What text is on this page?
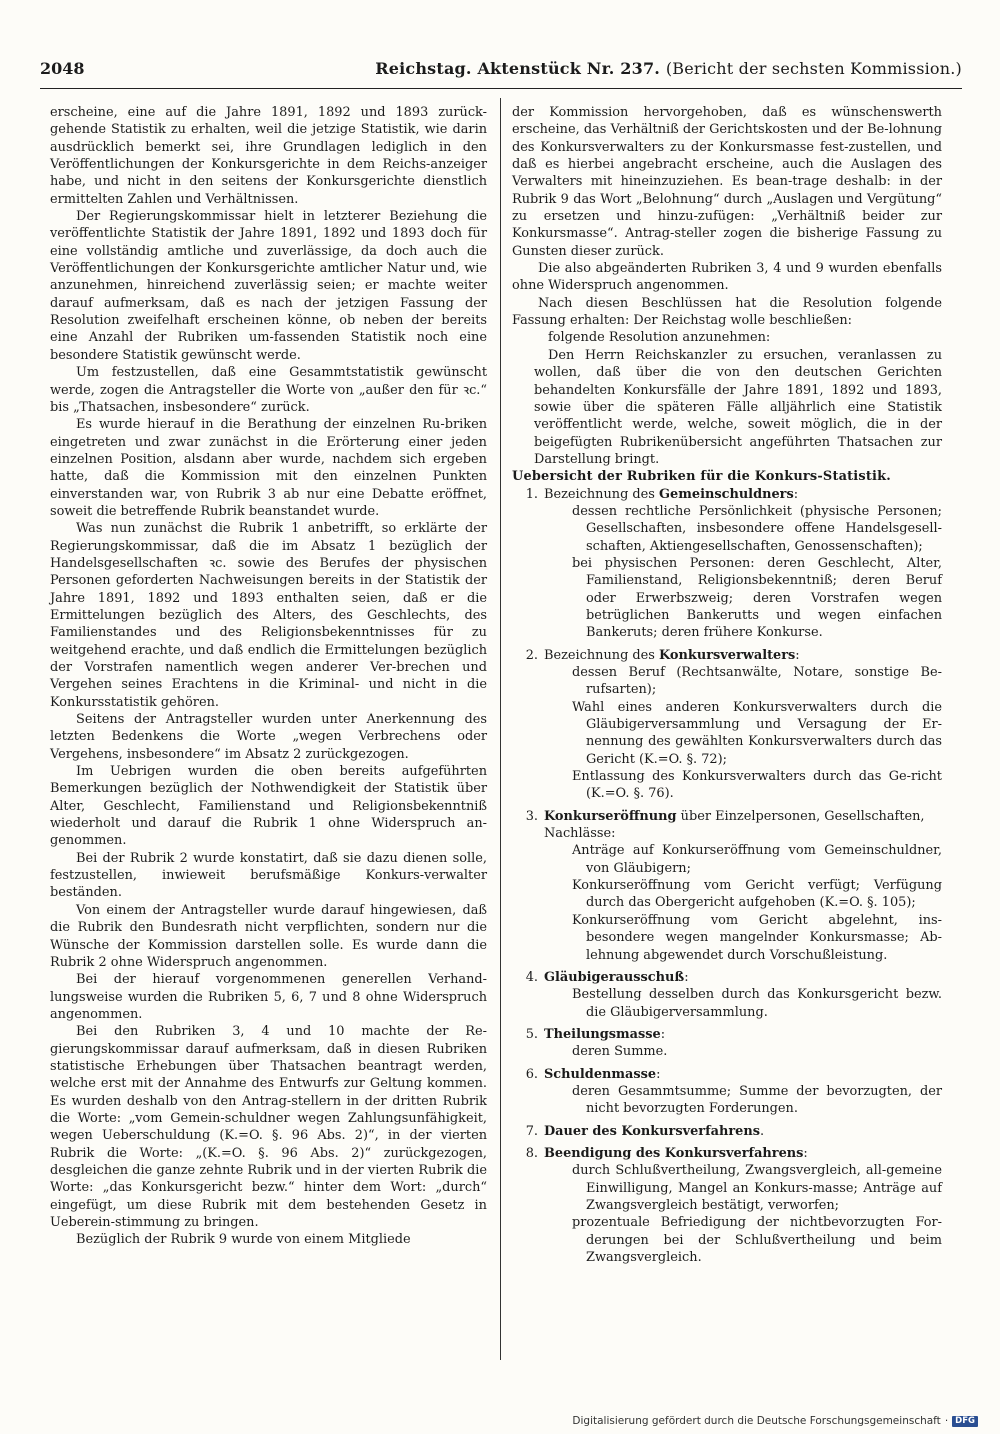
2048	Reichstag. Aktenstück Nr. 237. (Bericht der sechsten Kommission.)

erscheine, eine auf die Jahre 1891, 1892 und 1893 zurück-gehende Statistik zu erhalten, weil die jetzige Statistik, wie darin ausdrücklich bemerkt sei, ihre Grundlagen lediglich in den Veröffentlichungen der Konkursgerichte in dem Reichs-anzeiger habe, und nicht in den seitens der Konkursgerichte dienstlich ermittelten Zahlen und Verhältnissen.

Der Regierungskommissar hielt in letzterer Beziehung die veröffentlichte Statistik der Jahre 1891, 1892 und 1893 doch für eine vollständig amtliche und zuverlässige, da doch auch die Veröffentlichungen der Konkursgerichte amtlicher Natur und, wie anzunehmen, hinreichend zuverlässig seien; er machte weiter darauf aufmerksam, daß es nach der jetzigen Fassung der Resolution zweifelhaft erscheinen könne, ob neben der bereits eine Anzahl der Rubriken um-fassenden Statistik noch eine besondere Statistik gewünscht werde.

Um festzustellen, daß eine Gesammtstatistik gewünscht werde, zogen die Antragsteller die Worte von „außer den für ꝛc.“ bis „Thatsachen, insbesondere“ zurück.

Es wurde hierauf in die Berathung der einzelnen Ru-briken eingetreten und zwar zunächst in die Erörterung einer jeden einzelnen Position, alsdann aber wurde, nachdem sich ergeben hatte, daß die Kommission mit den einzelnen Punkten einverstanden war, von Rubrik 3 ab nur eine Debatte eröffnet, soweit die betreffende Rubrik beanstandet wurde.

Was nun zunächst die Rubrik 1 anbetrifft, so erklärte der Regierungskommissar, daß die im Absatz 1 bezüglich der Handelsgesellschaften ꝛc. sowie des Berufes der physischen Personen geforderten Nachweisungen bereits in der Statistik der Jahre 1891, 1892 und 1893 enthalten seien, daß er die Ermittelungen bezüglich des Alters, des Geschlechts, des Familienstandes und des Religionsbekenntnisses für zu weitgehend erachte, und daß endlich die Ermittelungen bezüglich der Vorstrafen namentlich wegen anderer Ver-brechen und Vergehen seines Erachtens in die Kriminal- und nicht in die Konkursstatistik gehören.

Seitens der Antragsteller wurden unter Anerkennung des letzten Bedenkens die Worte „wegen Verbrechens oder Vergehens, insbesondere“ im Absatz 2 zurückgezogen.

Im Uebrigen wurden die oben bereits aufgeführten Bemerkungen bezüglich der Nothwendigkeit der Statistik über Alter, Geschlecht, Familienstand und Religionsbekenntniß wiederholt und darauf die Rubrik 1 ohne Widerspruch an-genommen.

Bei der Rubrik 2 wurde konstatirt, daß sie dazu dienen solle, festzustellen, inwieweit berufsmäßige Konkurs-verwalter beständen.

Von einem der Antragsteller wurde darauf hingewiesen, daß die Rubrik den Bundesrath nicht verpflichten, sondern nur die Wünsche der Kommission darstellen solle. Es wurde dann die Rubrik 2 ohne Widerspruch angenommen.

Bei der hierauf vorgenommenen generellen Verhand-lungsweise wurden die Rubriken 5, 6, 7 und 8 ohne Widerspruch angenommen.

Bei den Rubriken 3, 4 und 10 machte der Re-gierungskommissar darauf aufmerksam, daß in diesen Rubriken statistische Erhebungen über Thatsachen beantragt werden, welche erst mit der Annahme des Entwurfs zur Geltung kommen. Es wurden deshalb von den Antrag-stellern in der dritten Rubrik die Worte: „vom Gemein-schuldner wegen Zahlungsunfähigkeit, wegen Ueberschuldung (K.=O. §. 96 Abs. 2)“, in der vierten Rubrik die Worte: „(K.=O. §. 96 Abs. 2)“ zurückgezogen, desgleichen die ganze zehnte Rubrik und in der vierten Rubrik die Worte: „das Konkursgericht bezw.“ hinter dem Wort: „durch“ eingefügt, um diese Rubrik mit dem bestehenden Gesetz in Ueberein-stimmung zu bringen.

Bezüglich der Rubrik 9 wurde von einem Mitgliede

der Kommission hervorgehoben, daß es wünschenswerth erscheine, das Verhältniß der Gerichtskosten und der Be-lohnung des Konkursverwalters zu der Konkursmasse fest-zustellen, und daß es hierbei angebracht erscheine, auch die Auslagen des Verwalters mit hineinzuziehen. Es bean-trage deshalb: in der Rubrik 9 das Wort „Belohnung“ durch „Auslagen und Vergütung“ zu ersetzen und hinzu-zufügen: „Verhältniß beider zur Konkursmasse“. Antrag-steller zogen die bisherige Fassung zu Gunsten dieser zurück.

Die also abgeänderten Rubriken 3, 4 und 9 wurden ebenfalls ohne Widerspruch angenommen.

Nach diesen Beschlüssen hat die Resolution folgende Fassung erhalten: Der Reichstag wolle beschließen:

folgende Resolution anzunehmen:

Den Herrn Reichskanzler zu ersuchen, veranlassen zu wollen, daß über die von den deutschen Gerichten behandelten Konkursfälle der Jahre 1891, 1892 und 1893, sowie über die späteren Fälle alljährlich eine Statistik veröffentlicht werde, welche, soweit möglich, die in der beigefügten Rubrikenübersicht angeführten Thatsachen zur Darstellung bringt.

Uebersicht der Rubriken für die Konkurs-Statistik.

1. Bezeichnung des Gemeinschuldners:
dessen rechtliche Persönlichkeit (physische Personen; Gesellschaften, insbesondere offene Handelsgesell-schaften, Aktiengesellschaften, Genossenschaften);
bei physischen Personen: deren Geschlecht, Alter, Familienstand, Religionsbekenntniß; deren Beruf oder Erwerbszweig; deren Vorstrafen wegen betrüglichen Bankerutts und wegen einfachen Bankeruts; deren frühere Konkurse.
2. Bezeichnung des Konkursverwalters:
dessen Beruf (Rechtsanwälte, Notare, sonstige Be-rufsarten);
Wahl eines anderen Konkursverwalters durch die Gläubigerversammlung und Versagung der Er-nennung des gewählten Konkursverwalters durch das Gericht (K.=O. §. 72);
Entlassung des Konkursverwalters durch das Ge-richt (K.=O. §. 76).
3. Konkurseröffnung über Einzelpersonen, Gesellschaften, Nachlässe:
Anträge auf Konkurseröffnung vom Gemeinschuldner, von Gläubigern;
Konkurseröffnung vom Gericht verfügt; Verfügung durch das Obergericht aufgehoben (K.=O. §. 105);
Konkurseröffnung vom Gericht abgelehnt, ins-besondere wegen mangelnder Konkursmasse; Ab-lehnung abgewendet durch Vorschußleistung.
4. Gläubigerausschuß:
Bestellung desselben durch das Konkursgericht bezw. die Gläubigerversammlung.
5. Theilungsmasse:
deren Summe.
6. Schuldenmasse:
deren Gesammtsumme; Summe der bevorzugten, der nicht bevorzugten Forderungen.
7. Dauer des Konkursverfahrens.
8. Beendigung des Konkursverfahrens:
durch Schlußvertheilung, Zwangsvergleich, all-gemeine Einwilligung, Mangel an Konkurs-masse; Anträge auf Zwangsvergleich bestätigt, verworfen;
prozentuale Befriedigung der nichtbevorzugten For-derungen bei der Schlußvertheilung und beim Zwangsvergleich.
Digitalisierung gefördert durch die Deutsche Forschungsgemeinschaft · DFG
